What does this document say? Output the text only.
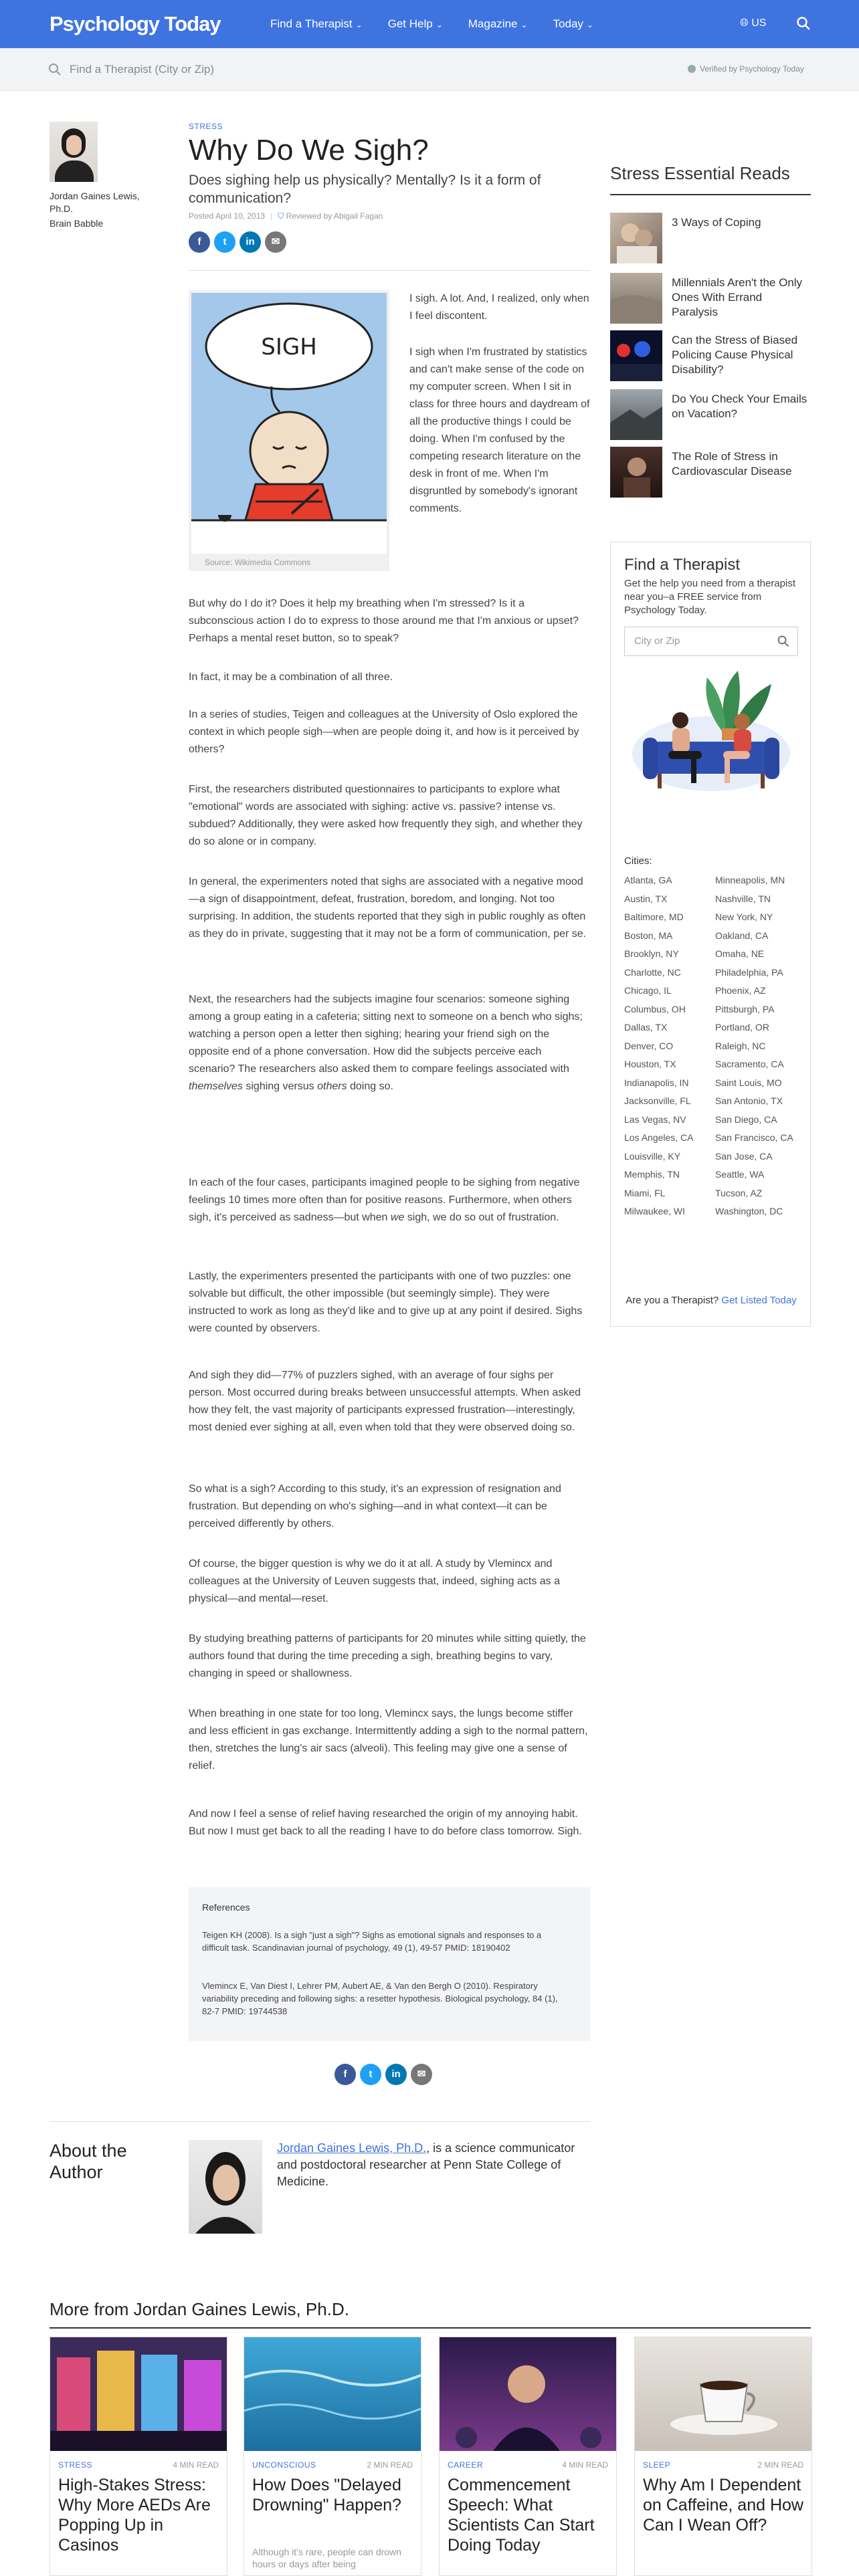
Psychology Today	Find a Therapist ⌄ Get Help ⌄ Magazine ⌄ Today ⌄	🌐︎ US
Find a Therapist (City or Zip)	Verified by Psychology Today
Jordan Gaines Lewis, Ph.D.
Brain Babble
STRESS
Why Do We Sigh?
Does sighing help us physically? Mentally? Is it a form of communication?
Posted April 10, 2013 | ⛉ Reviewed by Abigail Fagan
f	t	in	✉
SIGH
Source: Wikimedia Commons
I sigh. A lot. And, I realized, only when I feel discontent.
I sigh when I'm frustrated by statistics and can't make sense of the code on my computer screen. When I sit in class for three hours and daydream of all the productive things I could be doing. When I'm confused by the competing research literature on the desk in front of me. When I'm disgruntled by somebody's ignorant comments.
But why do I do it? Does it help my breathing when I'm stressed? Is it a subconscious action I do to express to those around me that I'm anxious or upset? Perhaps a mental reset button, so to speak?
In fact, it may be a combination of all three.
In a series of studies, Teigen and colleagues at the University of Oslo explored the context in which people sigh—when are people doing it, and how is it perceived by others?
First, the researchers distributed questionnaires to participants to explore what "emotional" words are associated with sighing: active vs. passive? intense vs. subdued? Additionally, they were asked how frequently they sigh, and whether they do so alone or in company.
In general, the experimenters noted that sighs are associated with a negative mood—a sign of disappointment, defeat, frustration, boredom, and longing. Not too surprising. In addition, the students reported that they sigh in public roughly as often as they do in private, suggesting that it may not be a form of communication, per se.
Next, the researchers had the subjects imagine four scenarios: someone sighing among a group eating in a cafeteria; sitting next to someone on a bench who sighs; watching a person open a letter then sighing; hearing your friend sigh on the opposite end of a phone conversation. How did the subjects perceive each scenario? The researchers also asked them to compare feelings associated with themselves sighing versus others doing so.
In each of the four cases, participants imagined people to be sighing from negative feelings 10 times more often than for positive reasons. Furthermore, when others sigh, it's perceived as sadness—but when we sigh, we do so out of frustration.
Lastly, the experimenters presented the participants with one of two puzzles: one solvable but difficult, the other impossible (but seemingly simple). They were instructed to work as long as they'd like and to give up at any point if desired. Sighs were counted by observers.
And sigh they did—77% of puzzlers sighed, with an average of four sighs per person. Most occurred during breaks between unsuccessful attempts. When asked how they felt, the vast majority of participants expressed frustration—interestingly, most denied ever sighing at all, even when told that they were observed doing so.
So what is a sigh? According to this study, it's an expression of resignation and frustration. But depending on who's sighing—and in what context—it can be perceived differently by others.
Of course, the bigger question is why we do it at all. A study by Vlemincx and colleagues at the University of Leuven suggests that, indeed, sighing acts as a physical—and mental—reset.
By studying breathing patterns of participants for 20 minutes while sitting quietly, the authors found that during the time preceding a sigh, breathing begins to vary, changing in speed or shallowness.
When breathing in one state for too long, Vlemincx says, the lungs become stiffer and less efficient in gas exchange. Intermittently adding a sigh to the normal pattern, then, stretches the lung's air sacs (alveoli). This feeling may give one a sense of relief.
And now I feel a sense of relief having researched the origin of my annoying habit. But now I must get back to all the reading I have to do before class tomorrow. Sigh.
References
Teigen KH (2008). Is a sigh "just a sigh"? Sighs as emotional signals and responses to a difficult task. Scandinavian journal of psychology, 49 (1), 49-57 PMID: 18190402
Vlemincx E, Van Diest I, Lehrer PM, Aubert AE, & Van den Bergh O (2010). Respiratory variability preceding and following sighs: a resetter hypothesis. Biological psychology, 84 (1), 82-7 PMID: 19744538
f	t	in	✉
Stress Essential Reads
3 Ways of Coping
Millennials Aren't the Only Ones With Errand Paralysis
Can the Stress of Biased Policing Cause Physical Disability?
Do You Check Your Emails on Vacation?
The Role of Stress in Cardiovascular Disease
Find a Therapist
Get the help you need from a therapist near you–a FREE service from Psychology Today.
City or Zip
Cities:
Atlanta, GA	Minneapolis, MN
Austin, TX	Nashville, TN
Baltimore, MD	New York, NY
Boston, MA	Oakland, CA
Brooklyn, NY	Omaha, NE
Charlotte, NC	Philadelphia, PA
Chicago, IL	Phoenix, AZ
Columbus, OH	Pittsburgh, PA
Dallas, TX	Portland, OR
Denver, CO	Raleigh, NC
Houston, TX	Sacramento, CA
Indianapolis, IN	Saint Louis, MO
Jacksonville, FL	San Antonio, TX
Las Vegas, NV	San Diego, CA
Los Angeles, CA	San Francisco, CA
Louisville, KY	San Jose, CA
Memphis, TN	Seattle, WA
Miami, FL	Tucson, AZ
Milwaukee, WI	Washington, DC
Are you a Therapist? Get Listed Today
About the Author
Jordan Gaines Lewis, Ph.D., is a science communicator and postdoctoral researcher at Penn State College of Medicine.
More from Jordan Gaines Lewis, Ph.D.
STRESS	4 MIN READ
High-Stakes Stress: Why More AEDs Are Popping Up in Casinos
UNCONSCIOUS	2 MIN READ
How Does "Delayed Drowning" Happen?
Although it's rare, people can drown hours or days after being
CAREER	4 MIN READ
Commencement Speech: What Scientists Can Start Doing Today
SLEEP	2 MIN READ
Why Am I Dependent on Caffeine, and How Can I Wean Off?
